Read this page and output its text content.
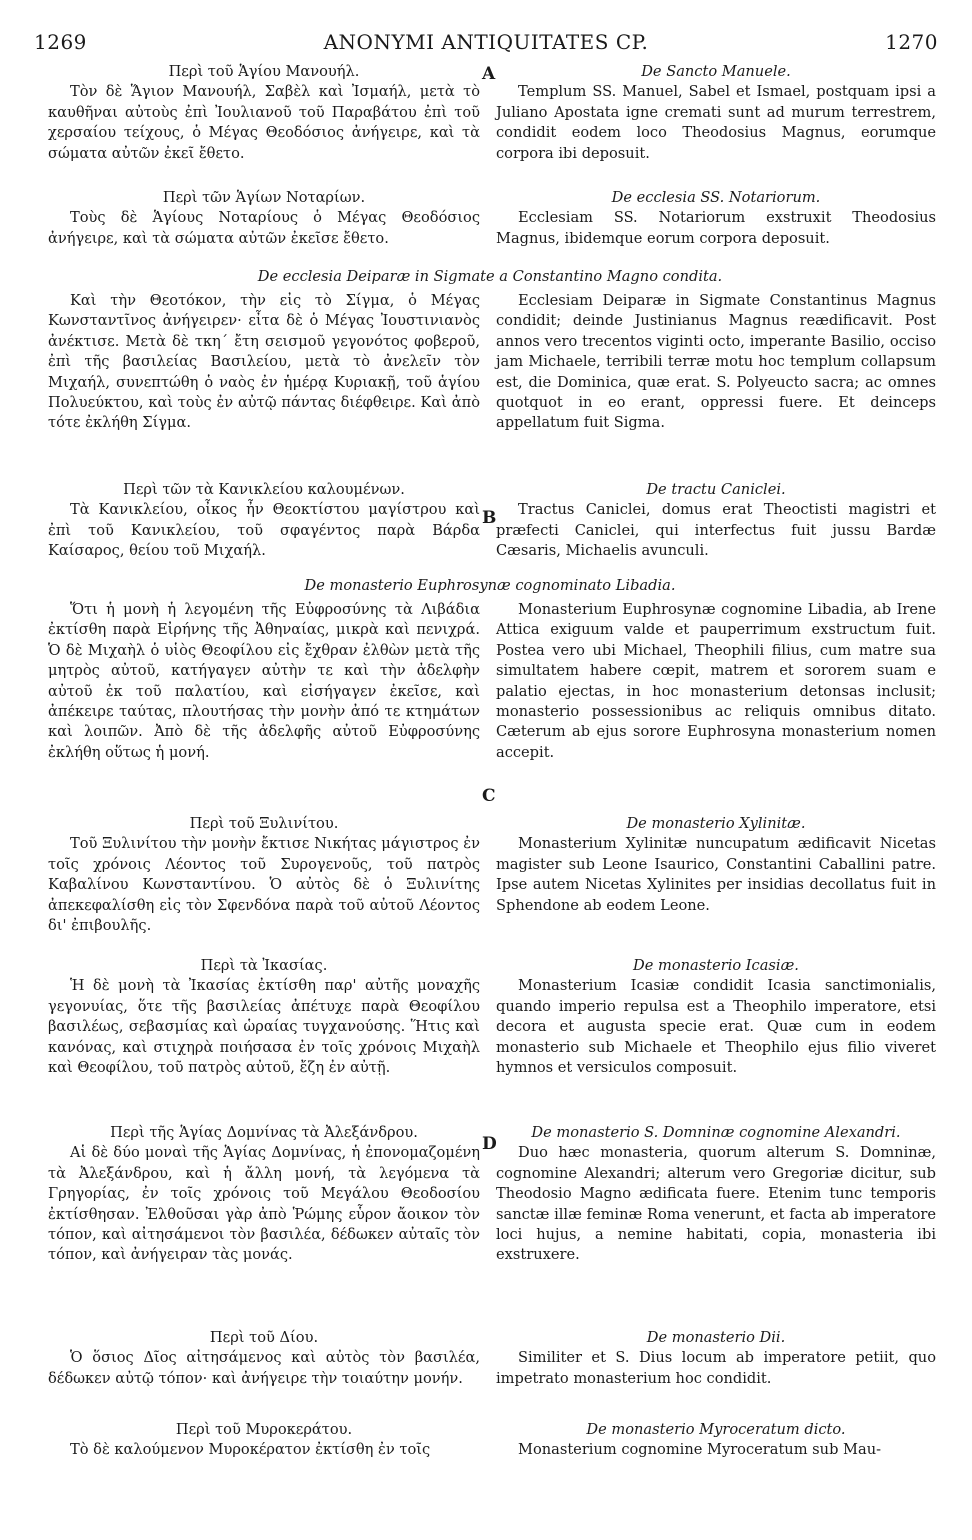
1269	ANONYMI ANTIQUITATES CP.	1270
A
B
C
D
De ecclesia Deiparæ in Sigmate a Constantino Magno condita.
De monasterio Euphrosynæ cognominato Libadia.
Περὶ τοῦ Ἁγίου Μανουήλ.

Τὸν δὲ Ἅγιον Μανουήλ, Σαβὲλ καὶ Ἰσμαήλ, μετὰ τὸ καυθῆναι αὐτοὺς ἐπὶ Ἰουλιανοῦ τοῦ Παραβάτου ἐπὶ τοῦ χερσαίου τείχους, ὁ Μέγας Θεοδόσιος ἀνήγειρε, καὶ τὰ σώματα αὐτῶν ἐκεῖ ἔθετο.

Περὶ τῶν Ἁγίων Νοταρίων.

Τοὺς δὲ Ἁγίους Νοταρίους ὁ Μέγας Θεοδόσιος ἀνήγειρε, καὶ τὰ σώματα αὐτῶν ἐκεῖσε ἔθετο.

Καὶ τὴν Θεοτόκον, τὴν εἰς τὸ Σίγμα, ὁ Μέγας Κωνσταντῖνος ἀνήγειρεν· εἶτα δὲ ὁ Μέγας Ἰουστινιανὸς ἀνέκτισε. Μετὰ δὲ τκη΄ ἔτη σεισμοῦ γεγονότος φοβεροῦ, ἐπὶ τῆς βασιλείας Βασιλείου, μετὰ τὸ ἀνελεῖν τὸν Μιχαήλ, συνεπτώθη ὁ ναὸς ἐν ἡμέρᾳ Κυριακῇ, τοῦ ἁγίου Πολυεύκτου, καὶ τοὺς ἐν αὐτῷ πάντας διέφθειρε. Καὶ ἀπὸ τότε ἐκλήθη Σίγμα.

Περὶ τῶν τὰ Κανικλείου καλουμένων.

Τὰ Κανικλείου, οἶκος ἦν Θεοκτίστου μαγίστρου καὶ ἐπὶ τοῦ Κανικλείου, τοῦ σφαγέντος παρὰ Βάρδα Καίσαρος, θείου τοῦ Μιχαήλ.

Ὅτι ἡ μονὴ ἡ λεγομένη τῆς Εὐφροσύνης τὰ Λιβάδια ἐκτίσθη παρὰ Εἰρήνης τῆς Ἀθηναίας, μικρὰ καὶ πενιχρά. Ὁ δὲ Μιχαὴλ ὁ υἱὸς Θεοφίλου εἰς ἔχθραν ἐλθὼν μετὰ τῆς μητρὸς αὐτοῦ, κατήγαγεν αὐτὴν τε καὶ τὴν ἀδελφὴν αὐτοῦ ἐκ τοῦ παλατίου, καὶ εἰσήγαγεν ἐκεῖσε, καὶ ἀπέκειρε ταύτας, πλουτήσας τὴν μονὴν ἀπό τε κτημάτων καὶ λοιπῶν. Ἀπὸ δὲ τῆς ἀδελφῆς αὐτοῦ Εὐφροσύνης ἐκλήθη οὕτως ἡ μονή.

Περὶ τοῦ Ξυλινίτου.

Τοῦ Ξυλινίτου τὴν μονὴν ἔκτισε Νικήτας μάγιστρος ἐν τοῖς χρόνοις Λέοντος τοῦ Συρογενοῦς, τοῦ πατρὸς Καβαλίνου Κωνσταντίνου. Ὁ αὐτὸς δὲ ὁ Ξυλινίτης ἀπεκεφαλίσθη εἰς τὸν Σφενδόνα παρὰ τοῦ αὐτοῦ Λέοντος δι' ἐπιβουλῆς.

Περὶ τὰ Ἰκασίας.

Ἡ δὲ μονὴ τὰ Ἰκασίας ἐκτίσθη παρ' αὐτῆς μοναχῆς γεγονυίας, ὅτε τῆς βασιλείας ἀπέτυχε παρὰ Θεοφίλου βασιλέως, σεβασμίας καὶ ὡραίας τυγχανούσης. Ἥτις καὶ κανόνας, καὶ στιχηρὰ ποιήσασα ἐν τοῖς χρόνοις Μιχαὴλ καὶ Θεοφίλου, τοῦ πατρὸς αὐτοῦ, ἔζη ἐν αὐτῇ.

Περὶ τῆς Ἁγίας Δομνίνας τὰ Ἀλεξάνδρου.

Αἱ δὲ δύο μοναὶ τῆς Ἁγίας Δομνίνας, ἡ ἐπονομαζομένη τὰ Ἀλεξάνδρου, καὶ ἡ ἄλλη μονή, τὰ λεγόμενα τὰ Γρηγορίας, ἐν τοῖς χρόνοις τοῦ Μεγάλου Θεοδοσίου ἐκτίσθησαν. Ἐλθοῦσαι γὰρ ἀπὸ Ῥώμης εὗρον ἄοικον τὸν τόπον, καὶ αἰτησάμενοι τὸν βασιλέα, δέδωκεν αὐταῖς τὸν τόπον, καὶ ἀνήγειραν τὰς μονάς.

Περὶ τοῦ Δίου.

Ὁ ὅσιος Δῖος αἰτησάμενος καὶ αὐτὸς τὸν βασιλέα, δέδωκεν αὐτῷ τόπον· καὶ ἀνήγειρε τὴν τοιαύτην μονήν.

Περὶ τοῦ Μυροκεράτου.

Τὸ δὲ καλούμενον Μυροκέρατον ἐκτίσθη ἐν τοῖς

De Sancto Manuele.

Templum SS. Manuel, Sabel et Ismael, postquam ipsi a Juliano Apostata igne cremati sunt ad murum terrestrem, condidit eodem loco Theodosius Magnus, eorumque corpora ibi deposuit.

De ecclesia SS. Notariorum.

Ecclesiam SS. Notariorum exstruxit Theodosius Magnus, ibidemque eorum corpora deposuit.

Ecclesiam Deiparæ in Sigmate Constantinus Magnus condidit; deinde Justinianus Magnus reædificavit. Post annos vero trecentos viginti octo, imperante Basilio, occiso jam Michaele, terribili terræ motu hoc templum collapsum est, die Dominica, quæ erat. S. Polyeucto sacra; ac omnes quotquot in eo erant, oppressi fuere. Et deinceps appellatum fuit Sigma.

De tractu Caniclei.

Tractus Caniclei, domus erat Theoctisti magistri et præfecti Caniclei, qui interfectus fuit jussu Bardæ Cæsaris, Michaelis avunculi.

Monasterium Euphrosynæ cognomine Libadia, ab Irene Attica exiguum valde et pauperrimum exstructum fuit. Postea vero ubi Michael, Theophili filius, cum matre sua simultatem habere cœpit, matrem et sororem suam e palatio ejectas, in hoc monasterium detonsas inclusit; monasterio possessionibus ac reliquis omnibus ditato. Cæterum ab ejus sorore Euphrosyna monasterium nomen accepit.

De monasterio Xylinitæ.

Monasterium Xylinitæ nuncupatum ædificavit Nicetas magister sub Leone Isaurico, Constantini Caballini patre. Ipse autem Nicetas Xylinites per insidias decollatus fuit in Sphendone ab eodem Leone.

De monasterio Icasiæ.

Monasterium Icasiæ condidit Icasia sanctimonialis, quando imperio repulsa est a Theophilo imperatore, etsi decora et augusta specie erat. Quæ cum in eodem monasterio sub Michaele et Theophilo ejus filio viveret hymnos et versiculos composuit.

De monasterio S. Domninæ cognomine Alexandri.

Duo hæc monasteria, quorum alterum S. Domninæ, cognomine Alexandri; alterum vero Gregoriæ dicitur, sub Theodosio Magno ædificata fuere. Etenim tunc temporis sanctæ illæ feminæ Roma venerunt, et facta ab imperatore loci hujus, a nemine habitati, copia, monasteria ibi exstruxere.

De monasterio Dii.

Similiter et S. Dius locum ab imperatore petiit, quo impetrato monasterium hoc condidit.

De monasterio Myroceratum dicto.

Monasterium cognomine Myroceratum sub Mau-
